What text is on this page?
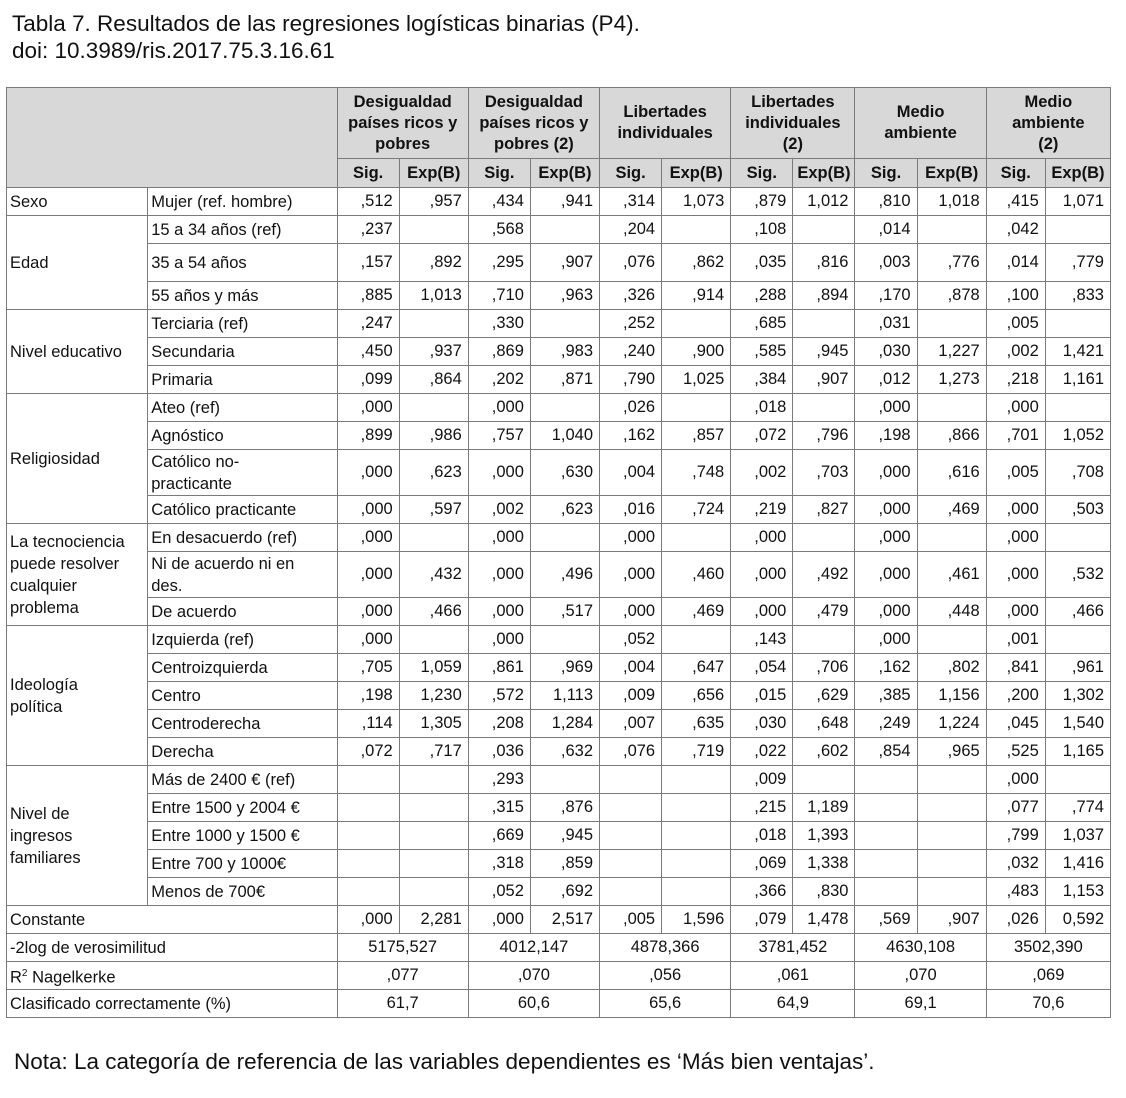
Tabla 7. Resultados de las regresiones logísticas binarias (P4).
doi: 10.3989/ris.2017.75.3.16.61
		Desigualdad
países ricos y
pobres		Desigualdad
países ricos y
pobres (2)		Libertades
individuales		Libertades
individuales
(2)		Medio
ambiente		Medio
ambiente
(2)	
		Sig.	Exp(B)	Sig.	Exp(B)	Sig.	Exp(B)	Sig.	Exp(B)	Sig.	Exp(B)	Sig.	Exp(B)
Sexo	Mujer (ref. hombre)	,512	,957	,434	,941	,314	1,073	,879	1,012	,810	1,018	,415	1,071
Edad	15 a 34 años (ref)	,237		,568		,204		,108		,014		,042	
	35 a 54 años	,157	,892	,295	,907	,076	,862	,035	,816	,003	,776	,014	,779
	55 años y más	,885	1,013	,710	,963	,326	,914	,288	,894	,170	,878	,100	,833
Nivel educativo	Terciaria (ref)	,247		,330		,252		,685		,031		,005	
	Secundaria	,450	,937	,869	,983	,240	,900	,585	,945	,030	1,227	,002	1,421
	Primaria	,099	,864	,202	,871	,790	1,025	,384	,907	,012	1,273	,218	1,161
Religiosidad	Ateo (ref)	,000		,000		,026		,018		,000		,000	
	Agnóstico	,899	,986	,757	1,040	,162	,857	,072	,796	,198	,866	,701	1,052
	Católico no-
practicante	,000	,623	,000	,630	,004	,748	,002	,703	,000	,616	,005	,708
	Católico practicante	,000	,597	,002	,623	,016	,724	,219	,827	,000	,469	,000	,503
La tecnociencia
puede resolver
cualquier
problema	En desacuerdo (ref)	,000		,000		,000		,000		,000		,000	
	Ni de acuerdo ni en
des.	,000	,432	,000	,496	,000	,460	,000	,492	,000	,461	,000	,532
	De acuerdo	,000	,466	,000	,517	,000	,469	,000	,479	,000	,448	,000	,466
Ideología
política	Izquierda (ref)	,000		,000		,052		,143		,000		,001	
	Centroizquierda	,705	1,059	,861	,969	,004	,647	,054	,706	,162	,802	,841	,961
	Centro	,198	1,230	,572	1,113	,009	,656	,015	,629	,385	1,156	,200	1,302
	Centroderecha	,114	1,305	,208	1,284	,007	,635	,030	,648	,249	1,224	,045	1,540
	Derecha	,072	,717	,036	,632	,076	,719	,022	,602	,854	,965	,525	1,165
Nivel de
ingresos
familiares	Más de 2400 € (ref)			,293				,009				,000	
	Entre 1500 y 2004 €			,315	,876			,215	1,189			,077	,774
	Entre 1000 y 1500 €			,669	,945			,018	1,393			,799	1,037
	Entre 700 y 1000€			,318	,859			,069	1,338			,032	1,416
	Menos de 700€			,052	,692			,366	,830			,483	1,153
Constante		,000	2,281	,000	2,517	,005	1,596	,079	1,478	,569	,907	,026	0,592
-2log de verosimilitud		5175,527		4012,147		4878,366		3781,452		4630,108		3502,390	
$R^2$ Nagelkerke		,077		,070		,056		,061		,070		,069	
Clasificado correctamente (%)		61,7		60,6		65,6		64,9		69,1		70,6	
Nota: La categoría de referencia de las variables dependientes es ‘Más bien ventajas’.
